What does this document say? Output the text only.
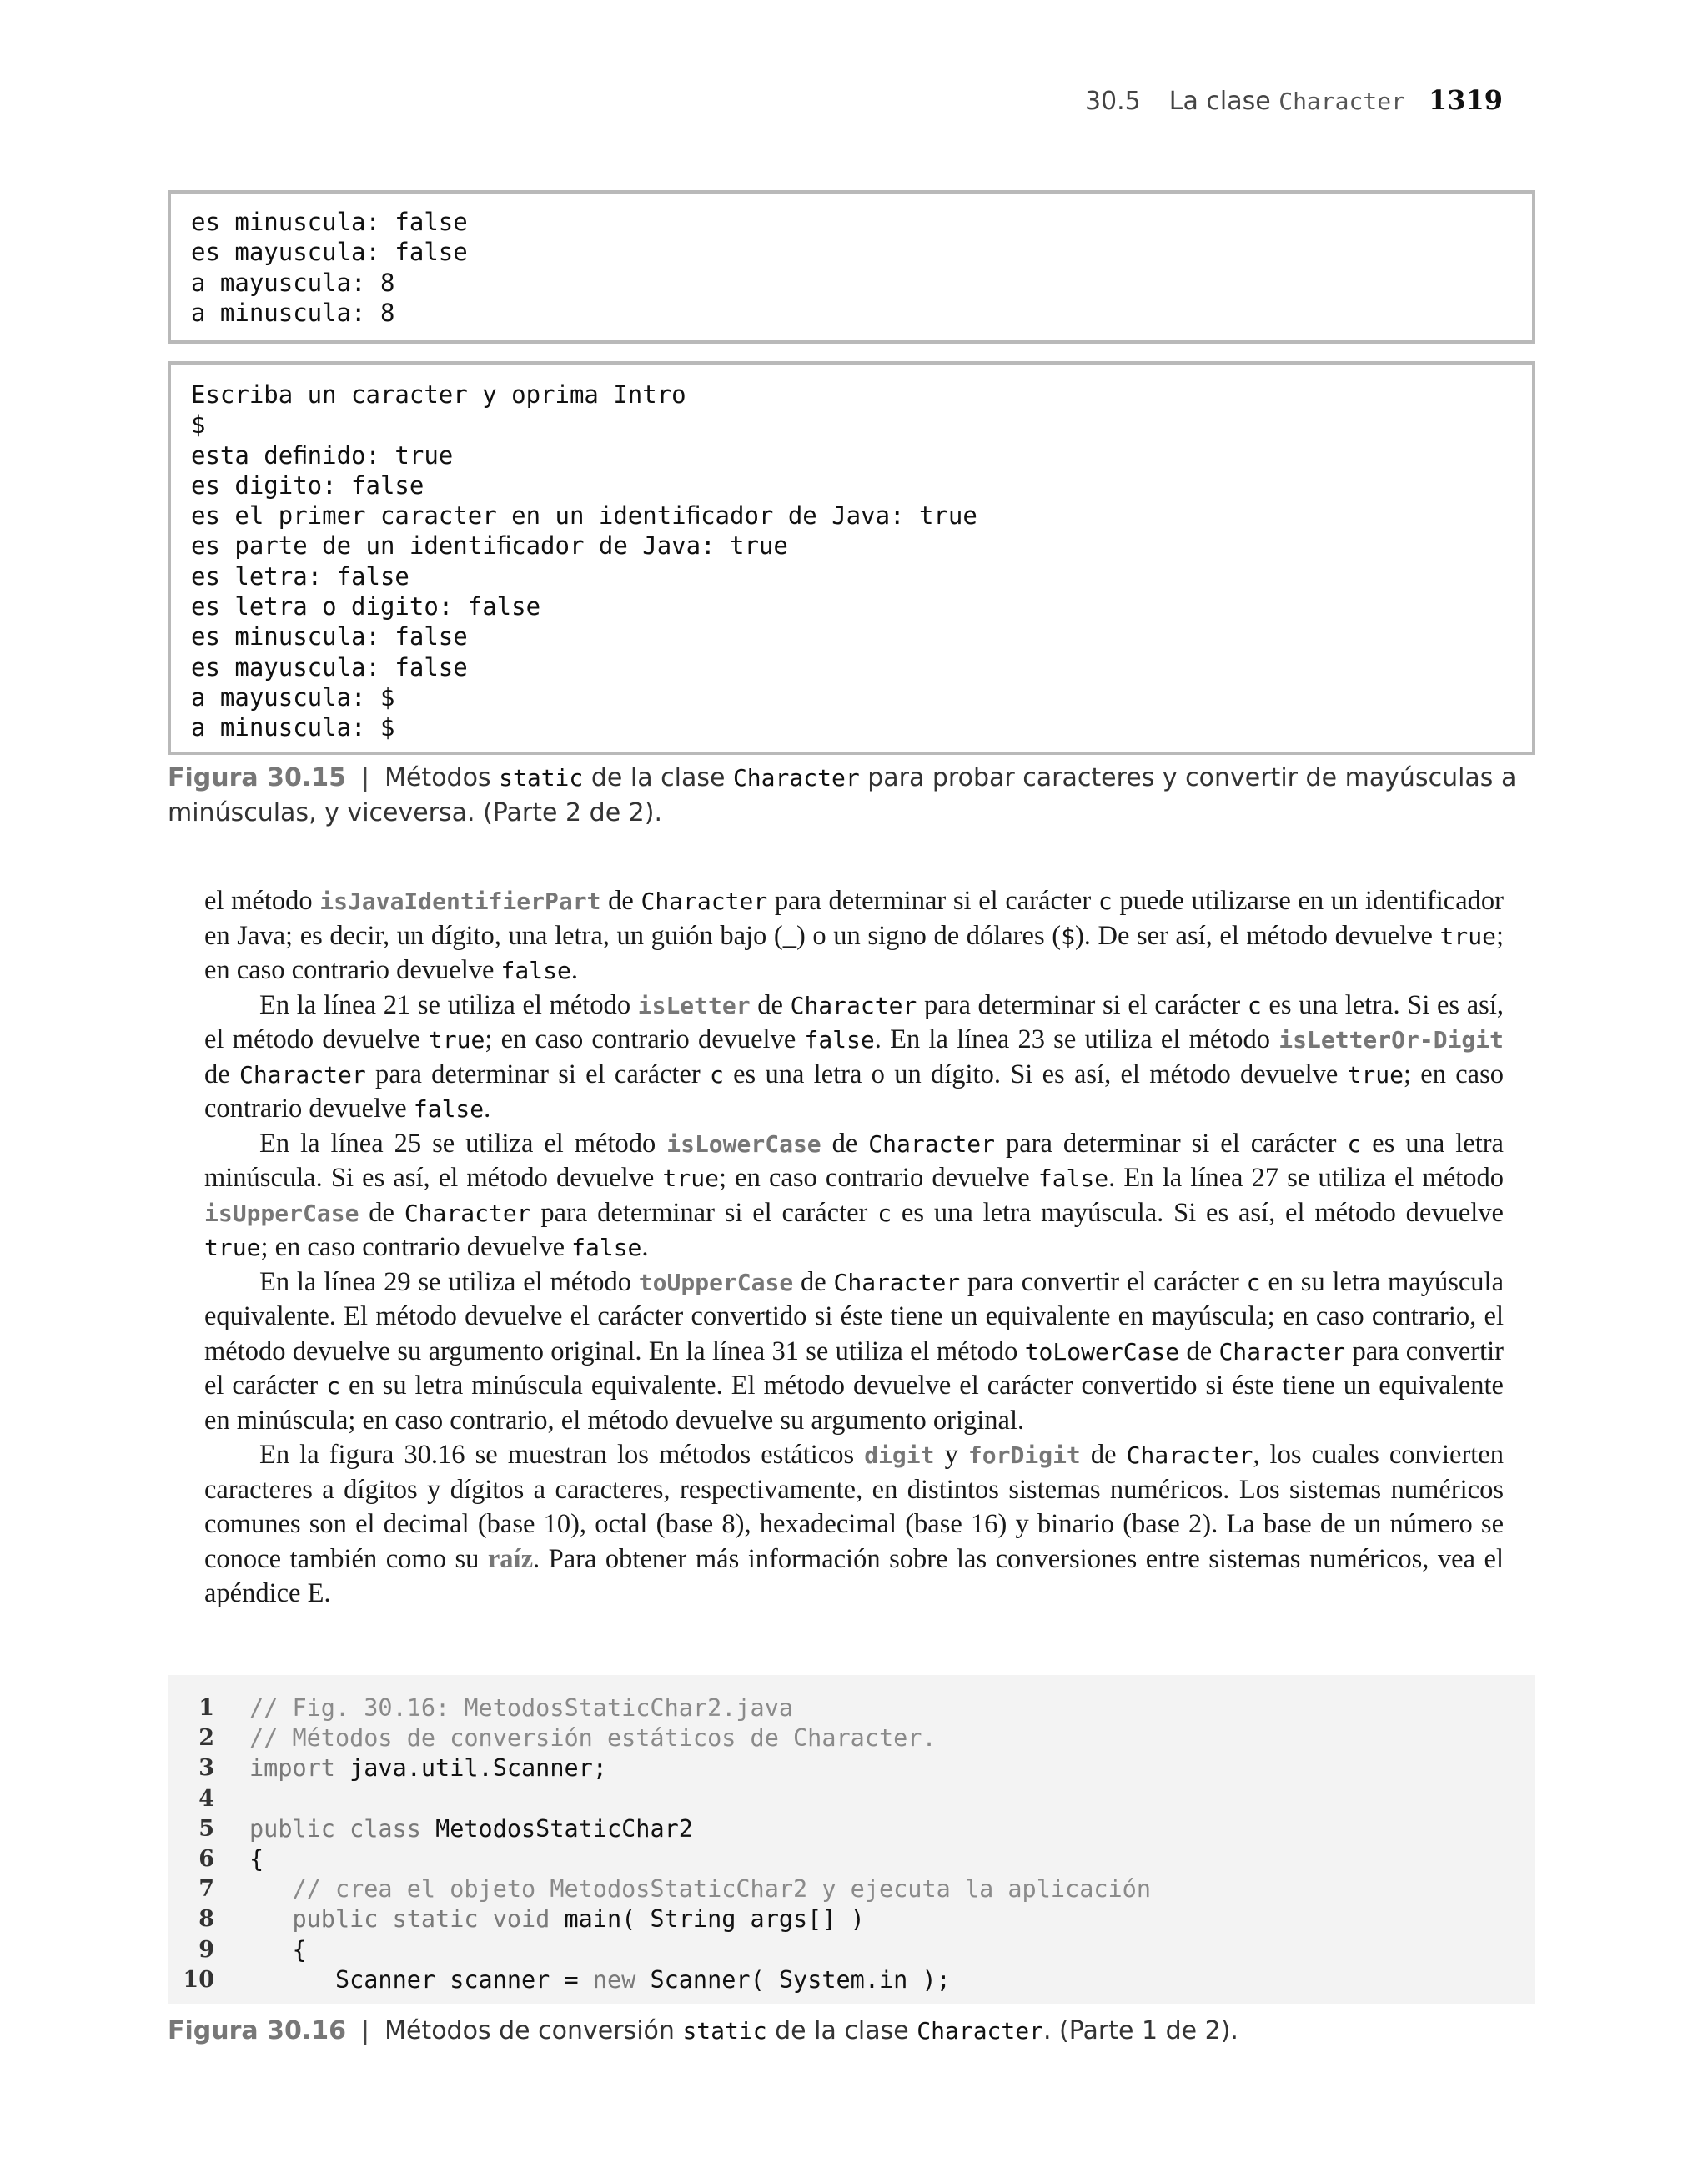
30.5 La clase Character 1319
es minuscula: false
es mayuscula: false
a mayuscula: 8
a minuscula: 8
Escriba un caracter y oprima Intro
$
esta deﬁnido: true
es digito: false
es el primer caracter en un identiﬁcador de Java: true
es parte de un identiﬁcador de Java: true
es letra: false
es letra o digito: false
es minuscula: false
es mayuscula: false
a mayuscula: $
a minuscula: $
Figura 30.15 | Métodos static de la clase Character para probar caracteres y convertir de mayúsculas a minúsculas, y viceversa. (Parte 2 de 2).

el método isJavaIdentifierPart de Character para determinar si el carácter c puede utilizarse en un identificador en Java; es decir, un dígito, una letra, un guión bajo (_) o un signo de dólares ($). De ser así, el método devuelve true; en caso contrario devuelve false.

En la línea 21 se utiliza el método isLetter de Character para determinar si el carácter c es una letra. Si es así, el método devuelve true; en caso contrario devuelve false. En la línea 23 se utiliza el método isLetterOr-Digit de Character para determinar si el carácter c es una letra o un dígito. Si es así, el método devuelve true; en caso contrario devuelve false.

En la línea 25 se utiliza el método isLowerCase de Character para determinar si el carácter c es una letra minúscula. Si es así, el método devuelve true; en caso contrario devuelve false. En la línea 27 se utiliza el método isUpperCase de Character para determinar si el carácter c es una letra mayúscula. Si es así, el método devuelve true; en caso contrario devuelve false.

En la línea 29 se utiliza el método toUpperCase de Character para convertir el carácter c en su letra mayúscula equivalente. El método devuelve el carácter convertido si éste tiene un equivalente en mayúscula; en caso contrario, el método devuelve su argumento original. En la línea 31 se utiliza el método toLowerCase de Character para convertir el carácter c en su letra minúscula equivalente. El método devuelve el carácter convertido si éste tiene un equivalente en minúscula; en caso contrario, el método devuelve su argumento original.

En la figura 30.16 se muestran los métodos estáticos digit y forDigit de Character, los cuales convierten caracteres a dígitos y dígitos a caracteres, respectivamente, en distintos sistemas numéricos. Los sistemas numéricos comunes son el decimal (base 10), octal (base 8), hexadecimal (base 16) y binario (base 2). La base de un número se conoce también como su raíz. Para obtener más información sobre las conversiones entre sistemas numéricos, vea el apéndice E.

1 // Fig. 30.16: MetodosStaticChar2.java
2 // Métodos de conversión estáticos de Character.
3 import java.util.Scanner;
4
5 public class MetodosStaticChar2
6 {
7 // crea el objeto MetodosStaticChar2 y ejecuta la aplicación
8 public static void main( String args[] )
9 {
10 Scanner scanner = new Scanner( System.in );
Figura 30.16 | Métodos de conversión static de la clase Character. (Parte 1 de 2).
